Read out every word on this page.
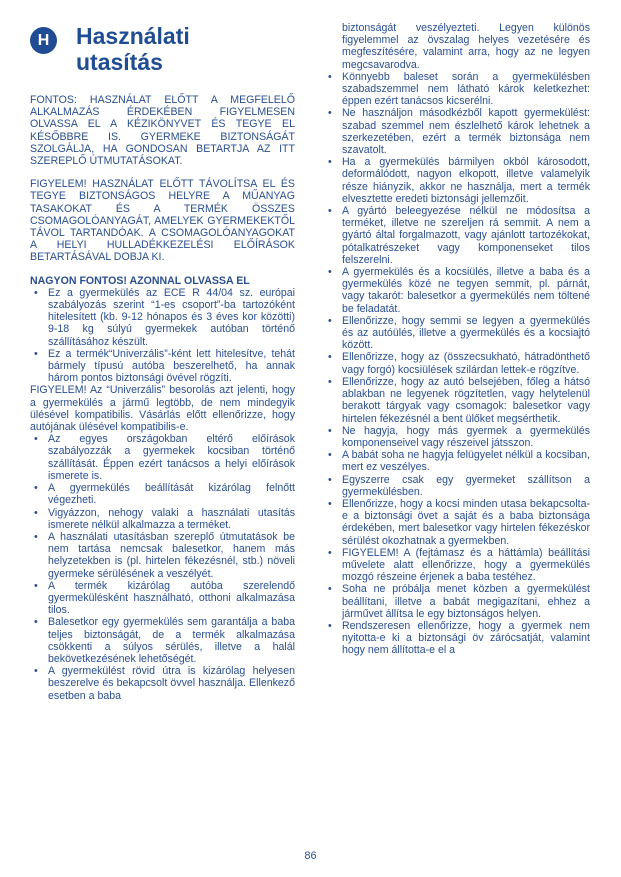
H	Használati
utasítás

FONTOS: HASZNÁLAT ELŐTT A MEGFELELŐ ALKALMAZÁS ÉRDEKÉBEN FIGYELMESEN OLVASSA EL A KÉZIKÖNYVET ÉS TEGYE EL KÉSŐBBRE IS. GYERMEKE BIZTONSÁGÁT SZOLGÁLJA, HA GONDOSAN BETARTJA AZ ITT SZEREPLŐ ÚTMUTATÁSOKAT.

FIGYELEM! HASZNÁLAT ELŐTT TÁVOLÍTSA EL ÉS TEGYE BIZTONSÁGOS HELYRE A MŰANYAG TASAKOKAT ÉS A TERMÉK ÖSSZES CSOMAGOLÓANYAGÁT, AMELYEK GYERMEKEKTŐL TÁVOL TARTANDÓAK. A CSOMAGOLÓANYAGOKAT A HELYI HULLADÉKKEZELÉSI ELŐÍRÁSOK BETARTÁSÁVAL DOBJA KI.

NAGYON FONTOS! AZONNAL OLVASSA EL

• Ez a gyermekülés az ECE R 44/04 sz. európai szabályozás szerint “1-es csoport”-ba tartozóként hitelesített (kb. 9-12 hónapos és 3 éves kor közötti) 9-18 kg súlyú gyermekek autóban történő szállításához készült.
• Ez a termék“Univerzális”-ként lett hitelesítve, tehát bármely típusú autóba beszerelhető, ha annak három pontos biztonsági övével rögzíti.

FIGYELEM! Az “Univerzális” besorolás azt jelenti, hogy a gyermekülés a jármű legtöbb, de nem mindegyik ülésével kompatibilis. Vásárlás előtt ellenőrizze, hogy autójának ülésével kompatibilis-e.

• Az egyes országokban eltérő előírások szabályozzák a gyermekek kocsiban történő szállítását. Éppen ezért tanácsos a helyi előírások ismerete is.
• A gyermekülés beállítását kizárólag felnőtt végezheti.
• Vigyázzon, nehogy valaki a használati utasítás ismerete nélkül alkalmazza a terméket.
• A használati utasításban szereplő útmutatások be nem tartása nemcsak balesetkor, hanem más helyzetekben is (pl. hirtelen fékezésnél, stb.) növeli gyermeke sérülésének a veszélyét.
• A termék kizárólag autóba szerelendő gyermekülésként használható, otthoni alkalmazása tilos.
• Balesetkor egy gyermekülés sem garantálja a baba teljes biztonságát, de a termék alkalmazása csökkenti a súlyos sérülés, illetve a halál bekövetkezésének lehetőségét.
• A gyermekülést rövid útra is kizárólag helyesen beszerelve és bekapcsolt övvel használja. Ellenkező esetben a baba

biztonságát veszélyezteti. Legyen különös figyelemmel az övszalag helyes vezetésére és megfeszítésére, valamint arra, hogy az ne legyen megcsavarodva.

• Könnyebb baleset során a gyermekülésben szabadszemmel nem látható károk keletkezhet: éppen ezért tanácsos kicserélni.
• Ne használjon másodkézből kapott gyermekülést: szabad szemmel nem észlelhető károk lehetnek a szerkezetében, ezért a termék biztonsága nem szavatolt.
• Ha a gyermekülés bármilyen okból károsodott, deformálódott, nagyon elkopott, illetve valamelyik része hiányzik, akkor ne használja, mert a termék elvesztette eredeti biztonsági jellemzőit.
• A gyártó beleegyezése nélkül ne módosítsa a terméket, illetve ne szereljen rá semmit. A nem a gyártó által forgalmazott, vagy ajánlott tartozékokat, pótalkatrészeket vagy komponenseket tilos felszerelni.
• A gyermekülés és a kocsiülés, illetve a baba és a gyermekülés közé ne tegyen semmit, pl. párnát, vagy takarót: balesetkor a gyermekülés nem töltené be feladatát.
• Ellenőrizze, hogy semmi se legyen a gyermekülés és az autóülés, illetve a gyermekülés és a kocsiajtó között.
• Ellenőrizze, hogy az (összecsukható, hátradönthető vagy forgó) kocsiülések szilárdan lettek-e rögzítve.
• Ellenőrizze, hogy az autó belsejében, főleg a hátsó ablakban ne legyenek rögzítetlen, vagy helytelenül berakott tárgyak vagy csomagok: balesetkor vagy hirtelen fékezésnél a bent ülőket megsérthetik.
• Ne hagyja, hogy más gyermek a gyermekülés komponenseivel vagy részeivel játsszon.
• A babát soha ne hagyja felügyelet nélkül a kocsiban, mert ez veszélyes.
• Egyszerre csak egy gyermeket szállítson a gyermekülésben.
• Ellenőrizze, hogy a kocsi minden utasa bekapcsolta-e a biztonsági övet a saját és a baba biztonsága érdekében, mert balesetkor vagy hirtelen fékezéskor sérülést okozhatnak a gyermekben.
• FIGYELEM! A (fejtámasz és a háttámla) beállítási művelete alatt ellenőrizze, hogy a gyermekülés mozgó részeine érjenek a baba testéhez.
• Soha ne próbálja menet közben a gyermekülést beállítani, illetve a babát megigazítani, ehhez a járművet állítsa le egy biztonságos helyen.
• Rendszeresen ellenőrizze, hogy a gyermek nem nyitotta-e ki a biztonsági öv zárócsatját, valamint hogy nem állította-e el a
86
